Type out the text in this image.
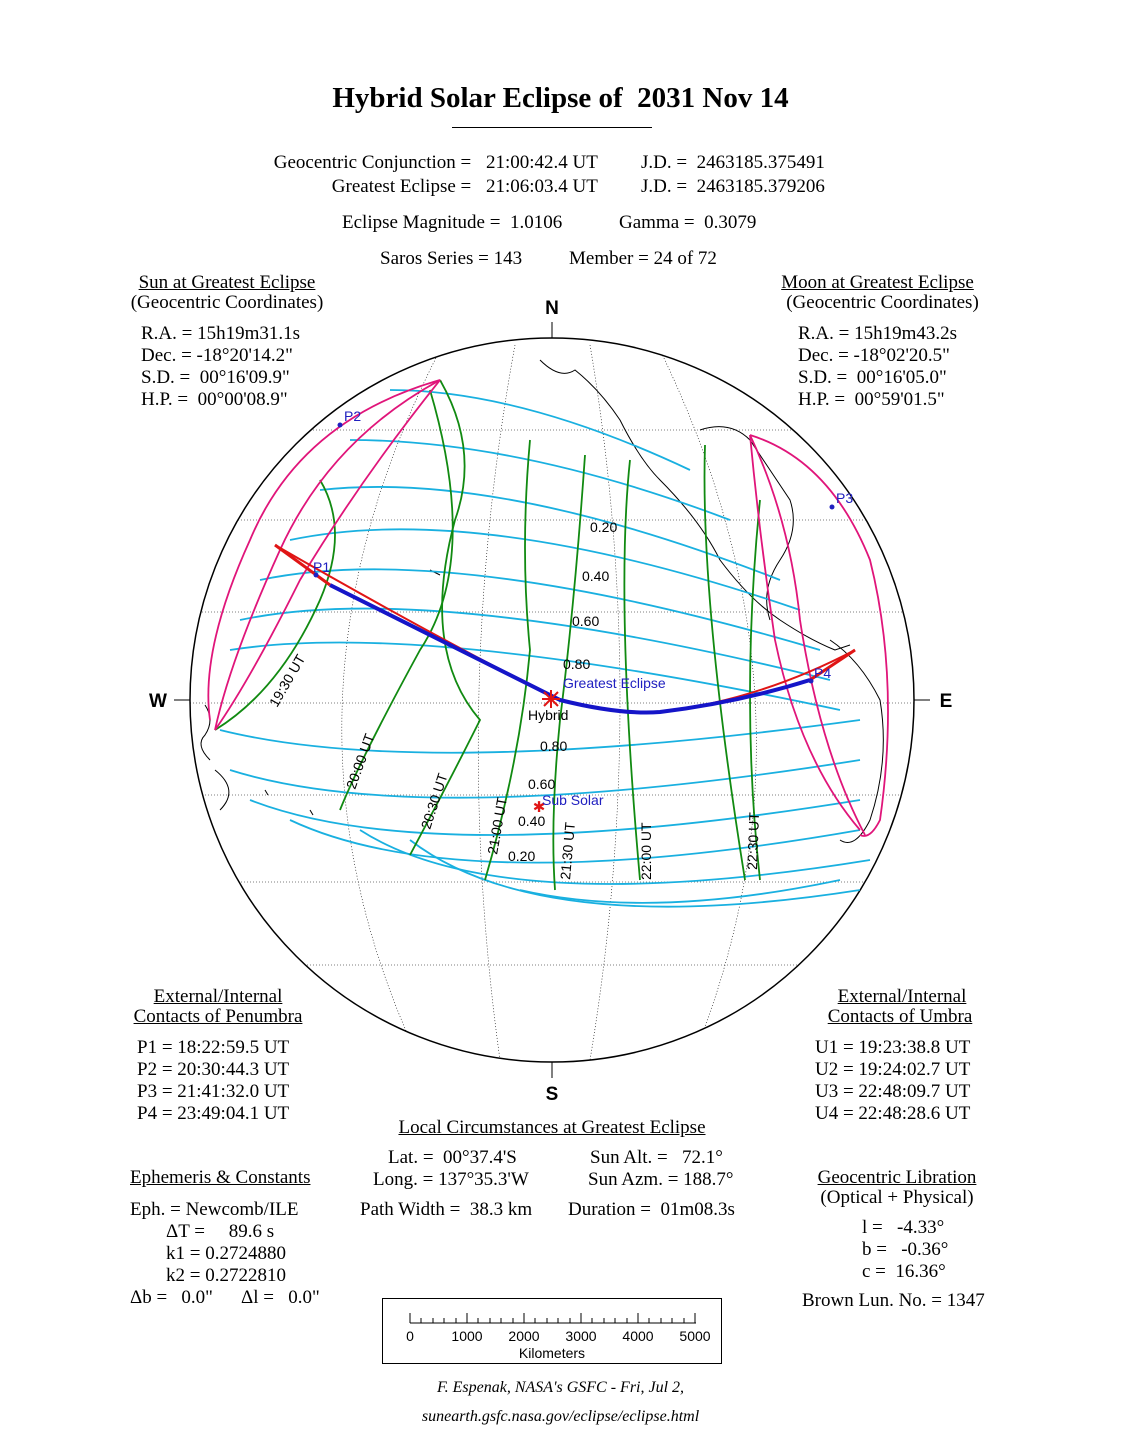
Hybrid Solar Eclipse of  2031 Nov 14
Geocentric Conjunction = 21:00:42.4 UT J.D. =  2463185.375491
Greatest Eclipse = 21:06:03.4 UT J.D. =  2463185.379206
Eclipse Magnitude =  1.0106	Gamma =  0.3079
Saros Series = 143 Member = 24 of 72
Sun at Greatest Eclipse
(Geocentric Coordinates)
R.A. = 15h19m31.1s
Dec. = -18°20'14.2"
S.D. =  00°16'09.9"
H.P. =  00°00'08.9"
Moon at Greatest Eclipse
(Geocentric Coordinates)
R.A. = 15h19m43.2s
Dec. = -18°02'20.5"
S.D. =  00°16'05.0"
H.P. =  00°59'01.5"
N
S
W	E
P2
P1
P3
P4
Greatest Eclipse
Hybrid
✱
Sub Solar
0.20
0.40
0.60
0.80
0.80
0.60
0.40
0.20
19:30 UT
20:00 UT
20:30 UT 21:00 UT	21:30 UT	22:00 UT	22:30 UT
External/Internal
Contacts of Penumbra
P1 = 18:22:59.5 UT
P2 = 20:30:44.3 UT
P3 = 21:41:32.0 UT
P4 = 23:49:04.1 UT
External/Internal
Contacts of Umbra
U1 = 19:23:38.8 UT
U2 = 19:24:02.7 UT
U3 = 22:48:09.7 UT
U4 = 22:48:28.6 UT
Local Circumstances at Greatest Eclipse
Lat. =  00°37.4'S
Long. = 137°35.3'W
Sun Alt. =   72.1°
Sun Azm. = 188.7°
Path Width =  38.3 km Duration =  01m08.3s
Ephemeris & Constants
Eph. = Newcomb/ILE
ΔT =     89.6 s
k1 = 0.2724880
k2 = 0.2722810
Δb =   0.0" Δl =   0.0"
Geocentric Libration
(Optical + Physical)
l =   -4.33°
b =   -0.36°
c =  16.36°
Brown Lun. No. = 1347
0	1000 2000 3000 4000 5000
Kilometers
F. Espenak, NASA's GSFC - Fri, Jul 2,
sunearth.gsfc.nasa.gov/eclipse/eclipse.html
